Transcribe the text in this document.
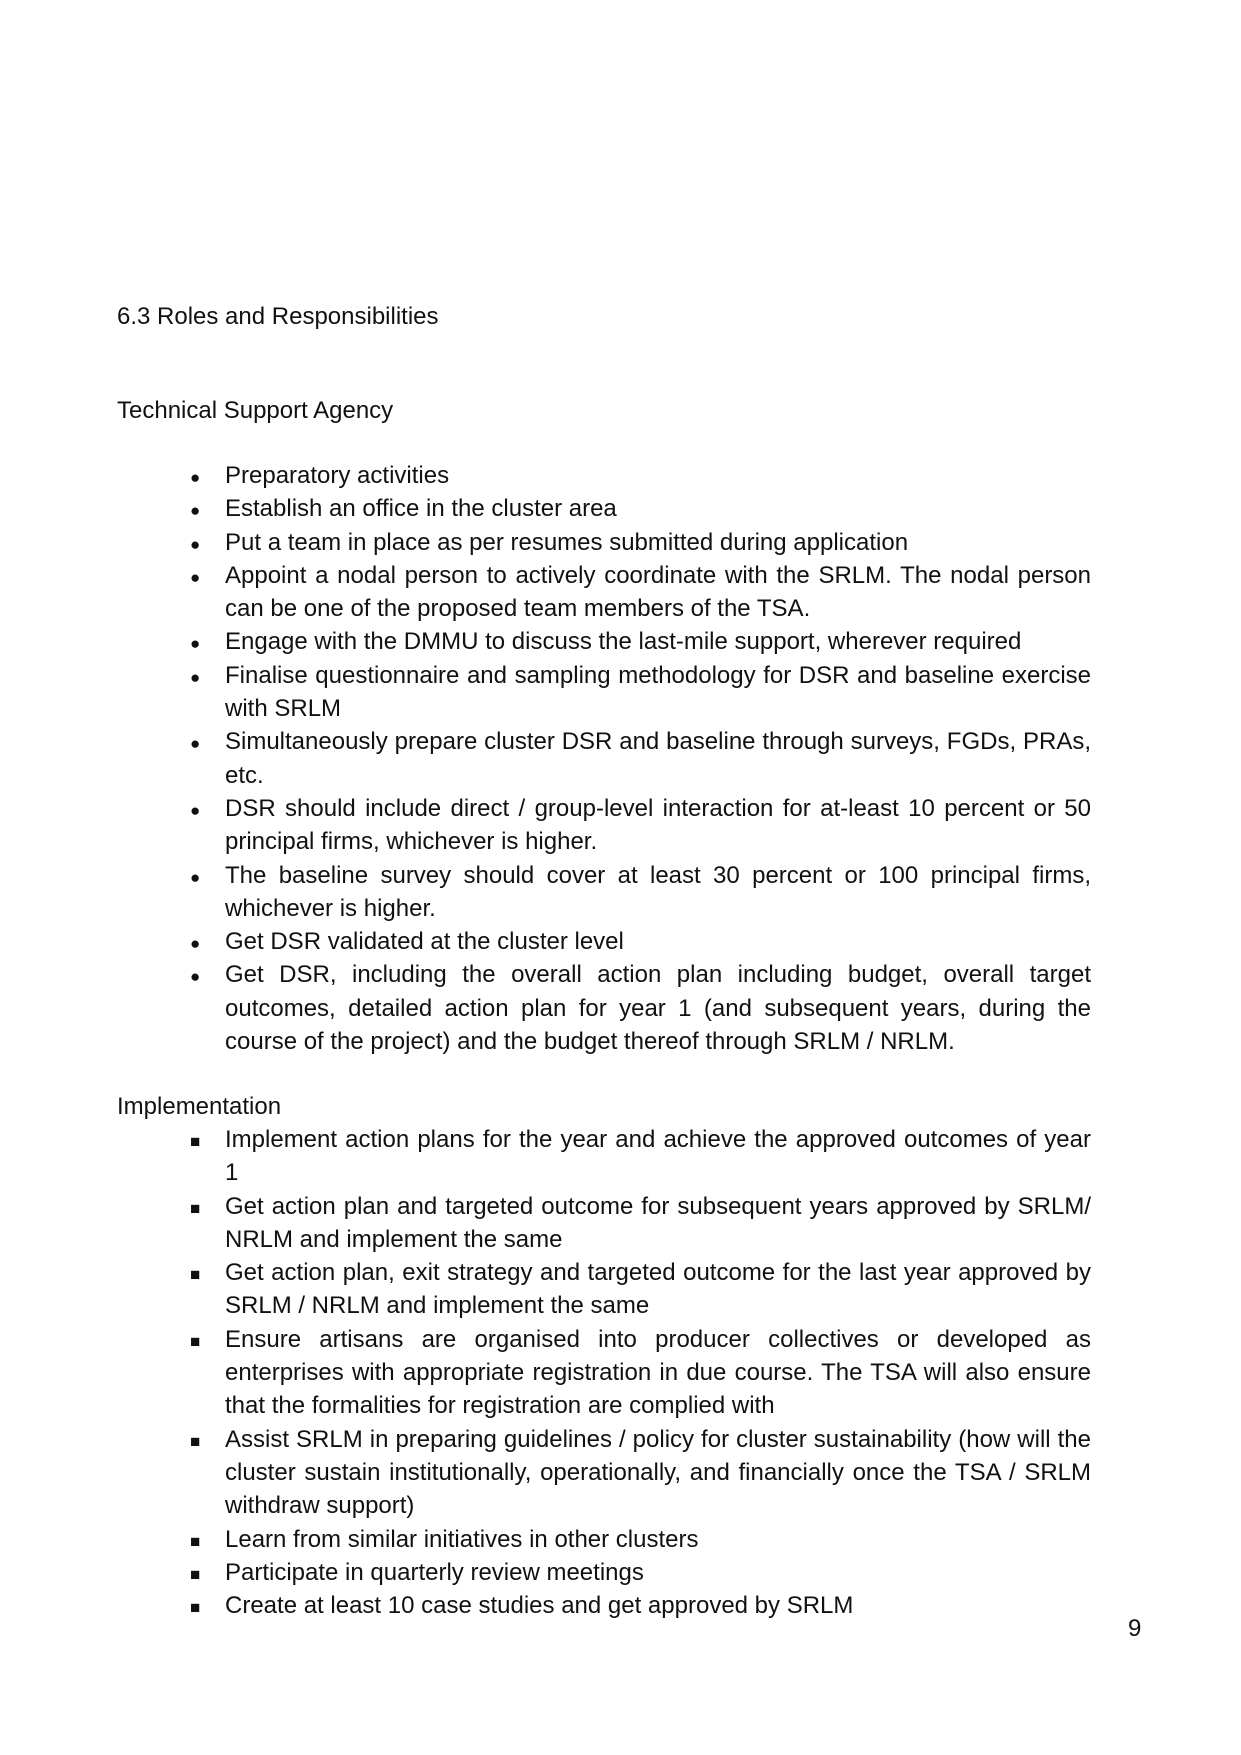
6.3 Roles and Responsibilities

Technical Support Agency

●
Preparatory activities
●
Establish an office in the cluster area
●
Put a team in place as per resumes submitted during application
●
Appoint a nodal person to actively coordinate with the SRLM. The nodal person can be one of the proposed team members of the TSA.
●
Engage with the DMMU to discuss the last-mile support, wherever required
●
Finalise questionnaire and sampling methodology for DSR and baseline exercise with SRLM
●
Simultaneously prepare cluster DSR and baseline through surveys, FGDs, PRAs, etc.
●
DSR should include direct / group-level interaction for at-least 10 percent or 50 principal firms, whichever is higher.
●
The baseline survey should cover at least 30 percent or 100 principal firms, whichever is higher.
●
Get DSR validated at the cluster level
●
Get DSR, including the overall action plan including budget, overall target outcomes, detailed action plan for year 1 (and subsequent years, during the course of the project) and the budget thereof through SRLM / NRLM.

Implementation

■
Implement action plans for the year and achieve the approved outcomes of year 1
■
Get action plan and targeted outcome for subsequent years approved by SRLM/ NRLM and implement the same
■
Get action plan, exit strategy and targeted outcome for the last year approved by SRLM / NRLM and implement the same
■
Ensure artisans are organised into producer collectives or developed as enterprises with appropriate registration in due course. The TSA will also ensure that the formalities for registration are complied with
■
Assist SRLM in preparing guidelines / policy for cluster sustainability (how will the cluster sustain institutionally, operationally, and financially once the TSA / SRLM withdraw support)
■
Learn from similar initiatives in other clusters
■
Participate in quarterly review meetings
■
Create at least 10 case studies and get approved by SRLM

9
